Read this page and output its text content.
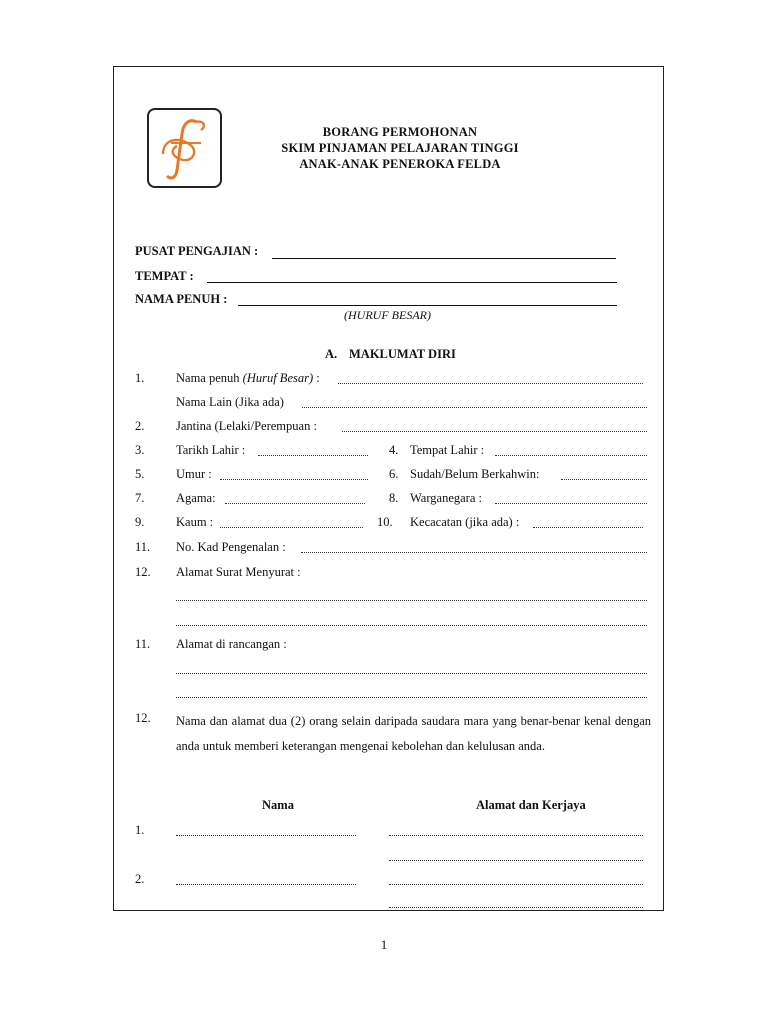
BORANG PERMOHONAN
SKIM PINJAMAN PELAJARAN TINGGI
ANAK-ANAK PENEROKA FELDA
PUSAT PENGAJIAN :
TEMPAT :
NAMA PENUH :
(HURUF BESAR)
A. MAKLUMAT DIRI
1.	Nama penuh (Huruf Besar) :
Nama Lain (Jika ada)
2.	Jantina (Lelaki/Perempuan :
3.	Tarikh Lahir :	4. Tempat Lahir :
5.	Umur :	6. Sudah/Belum Berkahwin:
7.	Agama:	8. Warganegara :
9.	Kaum :	10. Kecacatan (jika ada) :
11. No. Kad Pengenalan :
12. Alamat Surat Menyurat :
11. Alamat di rancangan :
12. Nama dan alamat dua (2) orang selain daripada saudara mara yang benar-benar kenal dengan anda untuk memberi keterangan mengenai kebolehan dan kelulusan anda.
Nama	Alamat dan Kerjaya
1.
2.
1
